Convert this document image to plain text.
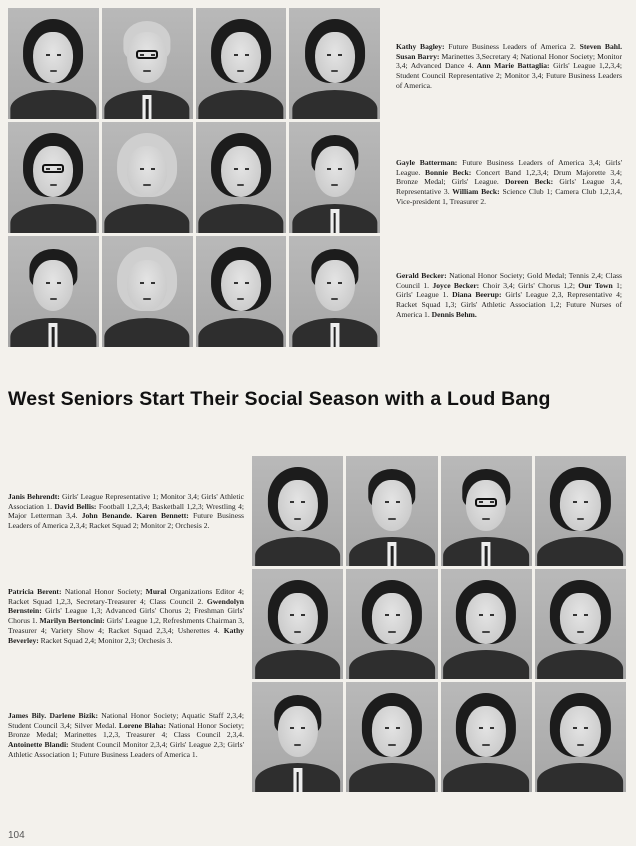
Kathy Bagley: Future Business Leaders of America 2. Steven Bahl. Susan Barry: Marinettes 3,Secretary 4; National Honor Society; Monitor 3,4; Advanced Dance 4. Ann Marie Battaglia: Girls' League 1,2,3,4; Student Council Representative 2; Monitor 3,4; Future Business Leaders of America.
Gayle Batterman: Future Business Leaders of America 3,4; Girls' League. Bonnie Beck: Concert Band 1,2,3,4; Drum Majorette 3,4; Bronze Medal; Girls' League. Doreen Beck: Girls' League 3,4, Representative 3. William Beck: Science Club 1; Camera Club 1,2,3,4, Vice-president 1, Treasurer 2.
Gerald Becker: National Honor Society; Gold Medal; Tennis 2,4; Class Council 1. Joyce Becker: Choir 3,4; Girls' Chorus 1,2; Our Town 1; Girls' League 1. Diana Beerup: Girls' League 2,3, Representative 4; Racket Squad 1,3; Girls' Athletic Association 1,2; Future Nurses of America 1. Dennis Behm.
West Seniors Start Their Social Season with a Loud Bang
Janis Behrendt: Girls' League Representative 1; Monitor 3,4; Girls' Athletic Association 1. David Bellis: Football 1,2,3,4; Basketball 1,2,3; Wrestling 4; Major Letterman 3,4. John Benande. Karen Bennett: Future Business Leaders of America 2,3,4; Racket Squad 2; Monitor 2; Orchesis 2.
Patricia Berent: National Honor Society; Mural Organizations Editor 4; Racket Squad 1,2,3, Secretary-Treasurer 4; Class Council 2. Gwendolyn Bernstein: Girls' League 1,3; Advanced Girls' Chorus 2; Freshman Girls' Chorus 1. Marilyn Bertoncini: Girls' League 1,2, Refreshments Chairman 3, Treasurer 4; Variety Show 4; Racket Squad 2,3,4; Usherettes 4. Kathy Beverley: Racket Squad 2,4; Monitor 2,3; Orchesis 3.
James Bily. Darlene Bizik: National Honor Society; Aquatic Staff 2,3,4; Student Council 3,4; Silver Medal. Lorene Blaha: National Honor Society; Bronze Medal; Marinettes 1,2,3, Treasurer 4; Class Council 2,3,4. Antoinette Blandi: Student Council Monitor 2,3,4; Girls' League 2,3; Girls' Athletic Association 1; Future Business Leaders of America 1.
104
